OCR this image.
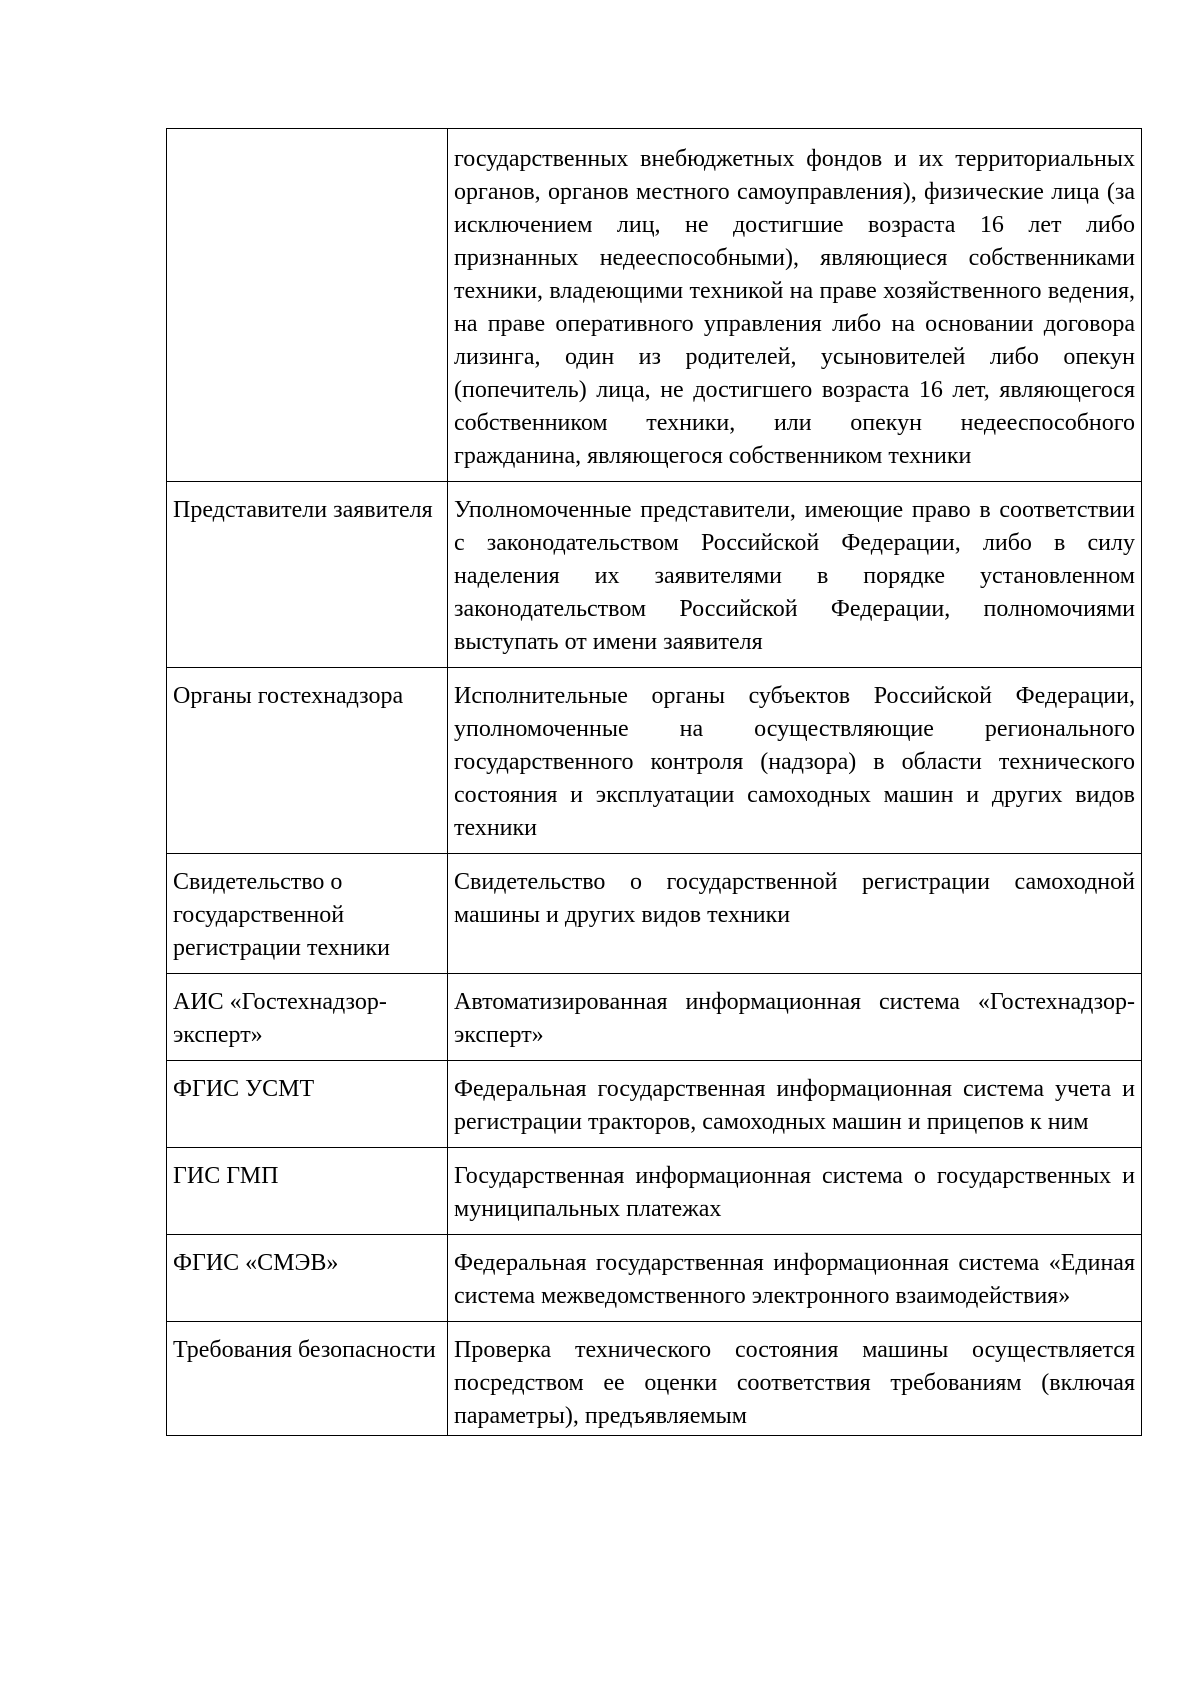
	государственных внебюджетных фондов и их территориальных органов, органов местного самоуправления), физические лица (за исключением лиц, не достигшие возраста 16 лет либо признанных недееспособными), являющиеся собственниками техники, владеющими техникой на праве хозяйственного ведения, на праве оперативного управления либо на основании договора лизинга, один из родителей, усыновителей либо опекун (попечитель) лица, не достигшего возраста 16 лет, являющегося собственником техники, или опекун недееспособного гражданина, являющегося собственником техники
Представители заявителя	Уполномоченные представители, имеющие право в соответствии с законодательством Российской Федерации, либо в силу наделения их заявителями в порядке установленном законодательством Российской Федерации, полномочиями выступать от имени заявителя
Органы гостехнадзора	Исполнительные органы субъектов Российской Федерации, уполномоченные на осуществляющие регионального государственного контроля (надзора) в области технического состояния и эксплуатации самоходных машин и других видов техники
Свидетельство о государственной регистрации техники	Свидетельство о государственной регистрации самоходной машины и других видов техники
АИС «Гостехнадзор-эксперт»	Автоматизированная информационная система «Гостехнадзор-эксперт»
ФГИС УСМТ	Федеральная государственная информационная система учета и регистрации тракторов, самоходных машин и прицепов к ним
ГИС ГМП	Государственная информационная система о государственных и муниципальных платежах
ФГИС «СМЭВ»	Федеральная государственная информационная система «Единая система межведомственного электронного взаимодействия»
Требования безопасности	Проверка технического состояния машины осуществляется посредством ее оценки соответствия требованиям (включая параметры), предъявляемым
